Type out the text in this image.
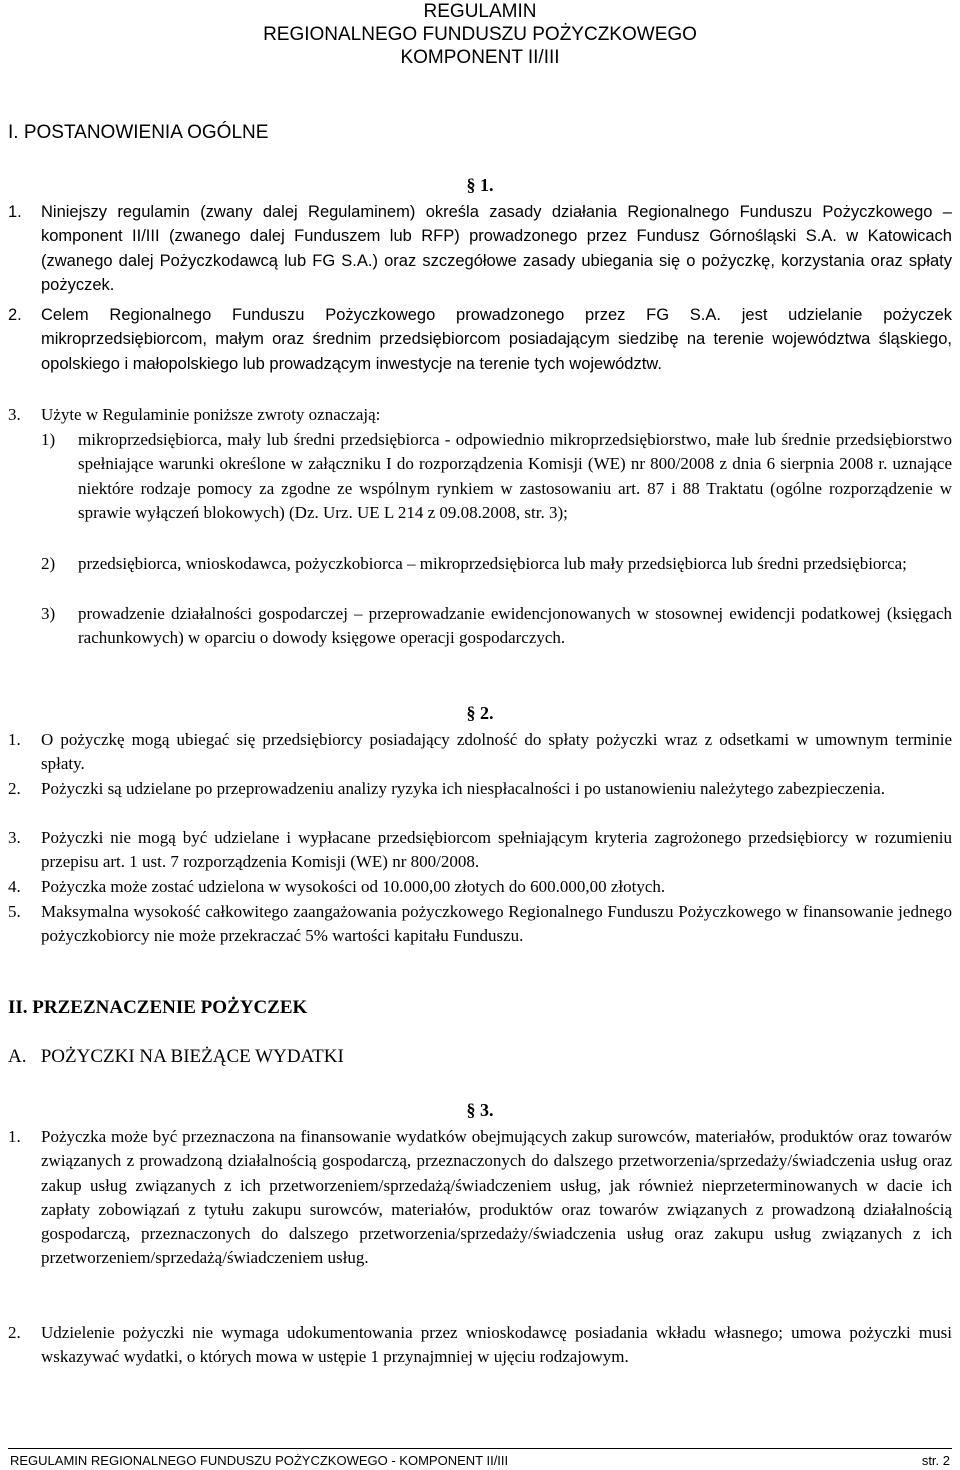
REGULAMIN
REGIONALNEGO FUNDUSZU POŻYCZKOWEGO
KOMPONENT II/III
I. POSTANOWIENIA OGÓLNE
§ 1.
1. Niniejszy regulamin (zwany dalej Regulaminem) określa zasady działania Regionalnego Funduszu Pożyczkowego – komponent II/III (zwanego dalej Funduszem lub RFP) prowadzonego przez Fundusz Górnośląski S.A. w Katowicach (zwanego dalej Pożyczkodawcą lub FG S.A.) oraz szczegółowe zasady ubiegania się o pożyczkę, korzystania oraz spłaty pożyczek.
2. Celem Regionalnego Funduszu Pożyczkowego prowadzonego przez FG S.A. jest udzielanie pożyczek mikroprzedsiębiorcom, małym oraz średnim przedsiębiorcom posiadającym siedzibę na terenie województwa śląskiego, opolskiego i małopolskiego lub prowadzącym inwestycje na terenie tych województw.
3. Użyte w Regulaminie poniższe zwroty oznaczają:
1) mikroprzedsiębiorca, mały lub średni przedsiębiorca - odpowiednio mikroprzedsiębiorstwo, małe lub średnie przedsiębiorstwo spełniające warunki określone w załączniku I do rozporządzenia Komisji (WE) nr 800/2008 z dnia 6 sierpnia 2008 r. uznające niektóre rodzaje pomocy za zgodne ze wspólnym rynkiem w zastosowaniu art. 87 i 88 Traktatu (ogólne rozporządzenie w sprawie wyłączeń blokowych) (Dz. Urz. UE L 214 z 09.08.2008, str. 3);
2) przedsiębiorca, wnioskodawca, pożyczkobiorca – mikroprzedsiębiorca lub mały przedsiębiorca lub średni przedsiębiorca;
3) prowadzenie działalności gospodarczej – przeprowadzanie ewidencjonowanych w stosownej ewidencji podatkowej (księgach rachunkowych) w oparciu o dowody księgowe operacji gospodarczych.
§ 2.
1. O pożyczkę mogą ubiegać się przedsiębiorcy posiadający zdolność do spłaty pożyczki wraz z odsetkami w umownym terminie spłaty.
2. Pożyczki są udzielane po przeprowadzeniu analizy ryzyka ich niespłacalności i po ustanowieniu należytego zabezpieczenia.
3. Pożyczki nie mogą być udzielane i wypłacane przedsiębiorcom spełniającym kryteria zagrożonego przedsiębiorcy w rozumieniu przepisu art. 1 ust. 7 rozporządzenia Komisji (WE) nr 800/2008.
4. Pożyczka może zostać udzielona w wysokości od 10.000,00 złotych do 600.000,00 złotych.
5. Maksymalna wysokość całkowitego zaangażowania pożyczkowego Regionalnego Funduszu Pożyczkowego w finansowanie jednego pożyczkobiorcy nie może przekraczać 5% wartości kapitału Funduszu.
II. PRZEZNACZENIE POŻYCZEK
A.   POŻYCZKI NA BIEŻĄCE WYDATKI
§ 3.
1. Pożyczka może być przeznaczona na finansowanie wydatków obejmujących zakup surowców, materiałów, produktów oraz towarów związanych z prowadzoną działalnością gospodarczą, przeznaczonych do dalszego przetworzenia/sprzedaży/świadczenia usług oraz zakup usług związanych z ich przetworzeniem/sprzedażą/świadczeniem usług, jak również nieprzeterminowanych w dacie ich zapłaty zobowiązań z tytułu zakupu surowców, materiałów, produktów oraz towarów związanych z prowadzoną działalnością gospodarczą, przeznaczonych do dalszego przetworzenia/sprzedaży/świadczenia usług oraz zakupu usług związanych z ich przetworzeniem/sprzedażą/świadczeniem usług.
2. Udzielenie pożyczki nie wymaga udokumentowania przez wnioskodawcę posiadania wkładu własnego; umowa pożyczki musi wskazywać wydatki, o których mowa w ustępie 1 przynajmniej w ujęciu rodzajowym.
REGULAMIN REGIONALNEGO FUNDUSZU POŻYCZKOWEGO - KOMPONENT II/III	str. 2
